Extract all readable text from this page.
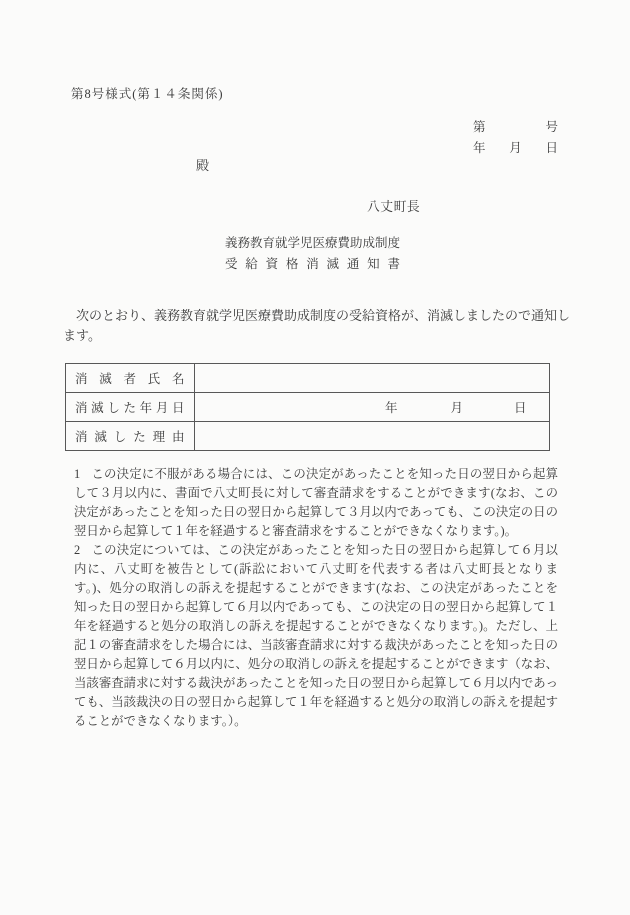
第8号様式(第１４条関係)
第	号
年 月 日
殿
八丈町長
義務教育就学児医療費助成制度
受給資格消滅通知書

次のとおり、義務教育就学児医療費助成制度の受給資格が、消滅しましたので通知します。

消滅者氏名	
消滅した年月日	年 月 日

消滅した理由	

1 この決定に不服がある場合には、この決定があったことを知った日の翌日から起算して３月以内に、書面で八丈町長に対して審査請求をすることができます(なお、この決定があったことを知った日の翌日から起算して３月以内であっても、この決定の日の翌日から起算して１年を経過すると審査請求をすることができなくなります。)。

2 この決定については、この決定があったことを知った日の翌日から起算して６月以内に、八丈町を被告として(訴訟において八丈町を代表する者は八丈町長となります。)、処分の取消しの訴えを提起することができます(なお、この決定があったことを知った日の翌日から起算して６月以内であっても、この決定の日の翌日から起算して１年を経過すると処分の取消しの訴えを提起することができなくなります。)。ただし、上記１の審査請求をした場合には、当該審査請求に対する裁決があったことを知った日の翌日から起算して６月以内に、処分の取消しの訴えを提起することができます（なお、当該審査請求に対する裁決があったことを知った日の翌日から起算して６月以内であっても、当該裁決の日の翌日から起算して１年を経過すると処分の取消しの訴えを提起することができなくなります。）。
